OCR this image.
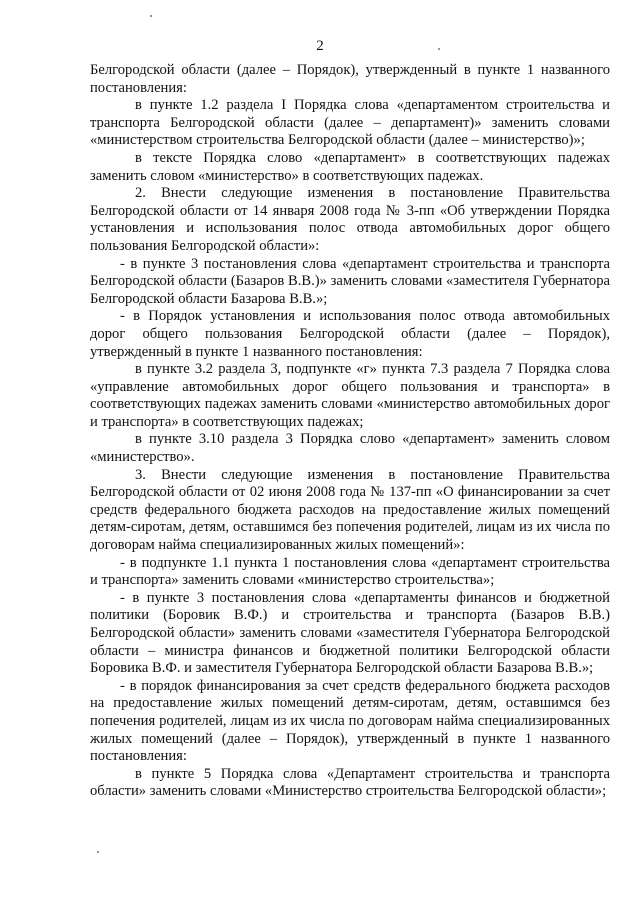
2

Белгородской области (далее – Порядок), утвержденный в пункте 1 названного постановления:

в пункте 1.2 раздела I Порядка слова «департаментом строительства и транспорта Белгородской области (далее – департамент)» заменить словами «министерством строительства Белгородской области (далее – министерство)»;

в тексте Порядка слово «департамент» в соответствующих падежах заменить словом «министерство» в соответствующих падежах.

2. Внести следующие изменения в постановление Правительства Белгородской области от 14 января 2008 года № 3-пп «Об утверждении Порядка установления и использования полос отвода автомобильных дорог общего пользования Белгородской области»:

- в пункте 3 постановления слова «департамент строительства и транспорта Белгородской области (Базаров В.В.)» заменить словами «заместителя Губернатора Белгородской области Базарова В.В.»;

- в Порядок установления и использования полос отвода автомобильных дорог общего пользования Белгородской области (далее – Порядок), утвержденный в пункте 1 названного постановления:

в пункте 3.2 раздела 3, подпункте «г» пункта 7.3 раздела 7 Порядка слова «управление автомобильных дорог общего пользования и транспорта» в соответствующих падежах заменить словами «министерство автомобильных дорог и транспорта» в соответствующих падежах;

в пункте 3.10 раздела 3 Порядка слово «департамент» заменить словом «министерство».

3. Внести следующие изменения в постановление Правительства Белгородской области от 02 июня 2008 года № 137-пп «О финансировании за счет средств федерального бюджета расходов на предоставление жилых помещений детям-сиротам, детям, оставшимся без попечения родителей, лицам из их числа по договорам найма специализированных жилых помещений»:

- в подпункте 1.1 пункта 1 постановления слова «департамент строительства и транспорта» заменить словами «министерство строительства»;

- в пункте 3 постановления слова «департаменты финансов и бюджетной политики (Боровик В.Ф.) и строительства и транспорта (Базаров В.В.) Белгородской области» заменить словами «заместителя Губернатора Белгородской области – министра финансов и бюджетной политики Белгородской области Боровика В.Ф. и заместителя Губернатора Белгородской области Базарова В.В.»;

- в порядок финансирования за счет средств федерального бюджета расходов на предоставление жилых помещений детям-сиротам, детям, оставшимся без попечения родителей, лицам из их числа по договорам найма специализированных жилых помещений (далее – Порядок), утвержденный в пункте 1 названного постановления:

в пункте 5 Порядка слова «Департамент строительства и транспорта области» заменить словами «Министерство строительства Белгородской области»;
